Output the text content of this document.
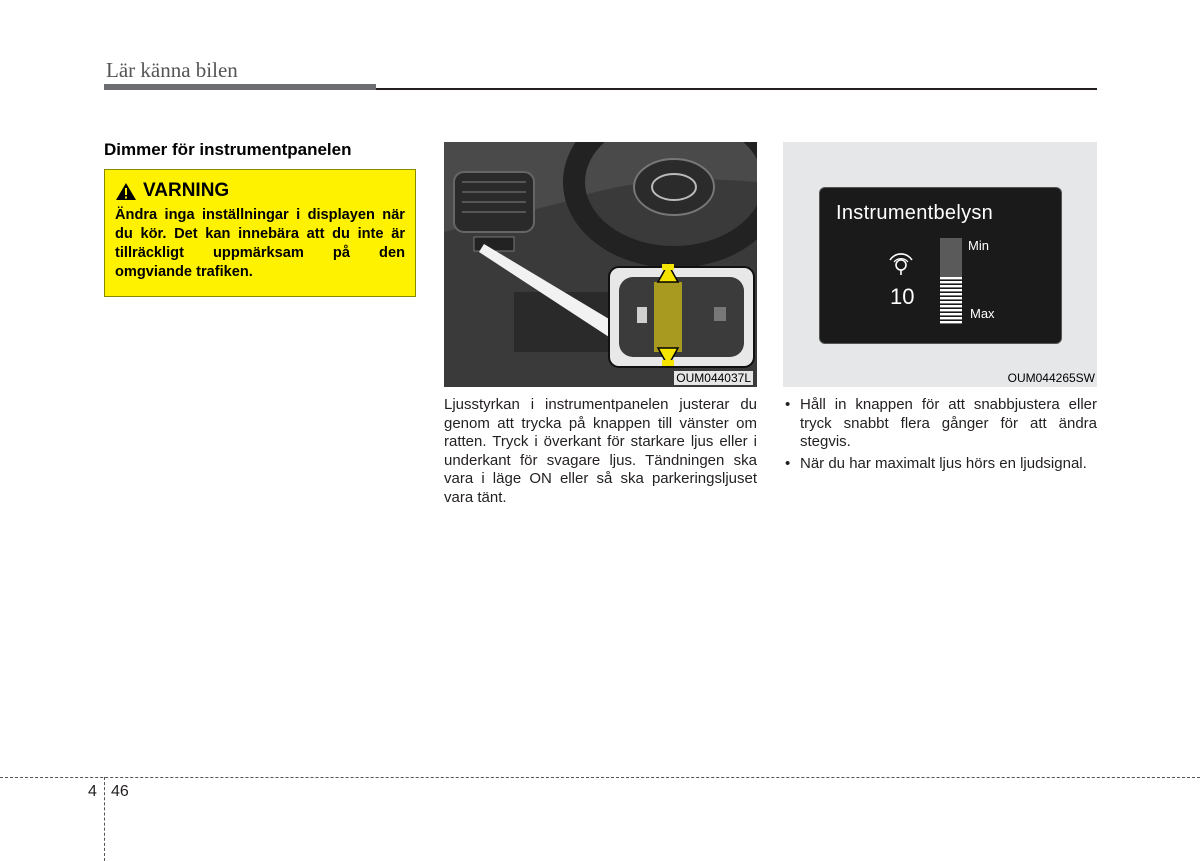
Lär känna bilen
Dimmer för instrumentpanelen
VARNING
Ändra inga inställningar i displayen när du kör. Det kan innebära att du inte är tillräckligt uppmärksam på den omgviande trafiken.
OUM044037L
Instrumentbelysn
10
Min
Max
OUM044265SW
Ljusstyrkan i instrumentpanelen justerar du genom att trycka på knappen till vänster om ratten. Tryck i överkant för starkare ljus eller i underkant för svagare ljus. Tändningen ska vara i läge ON eller så ska parkeringsljuset vara tänt.
• Håll in knappen för att snabbjustera eller tryck snabbt flera gånger för att ändra stegvis.
• När du har maximalt ljus hörs en ljudsignal.
4 46
